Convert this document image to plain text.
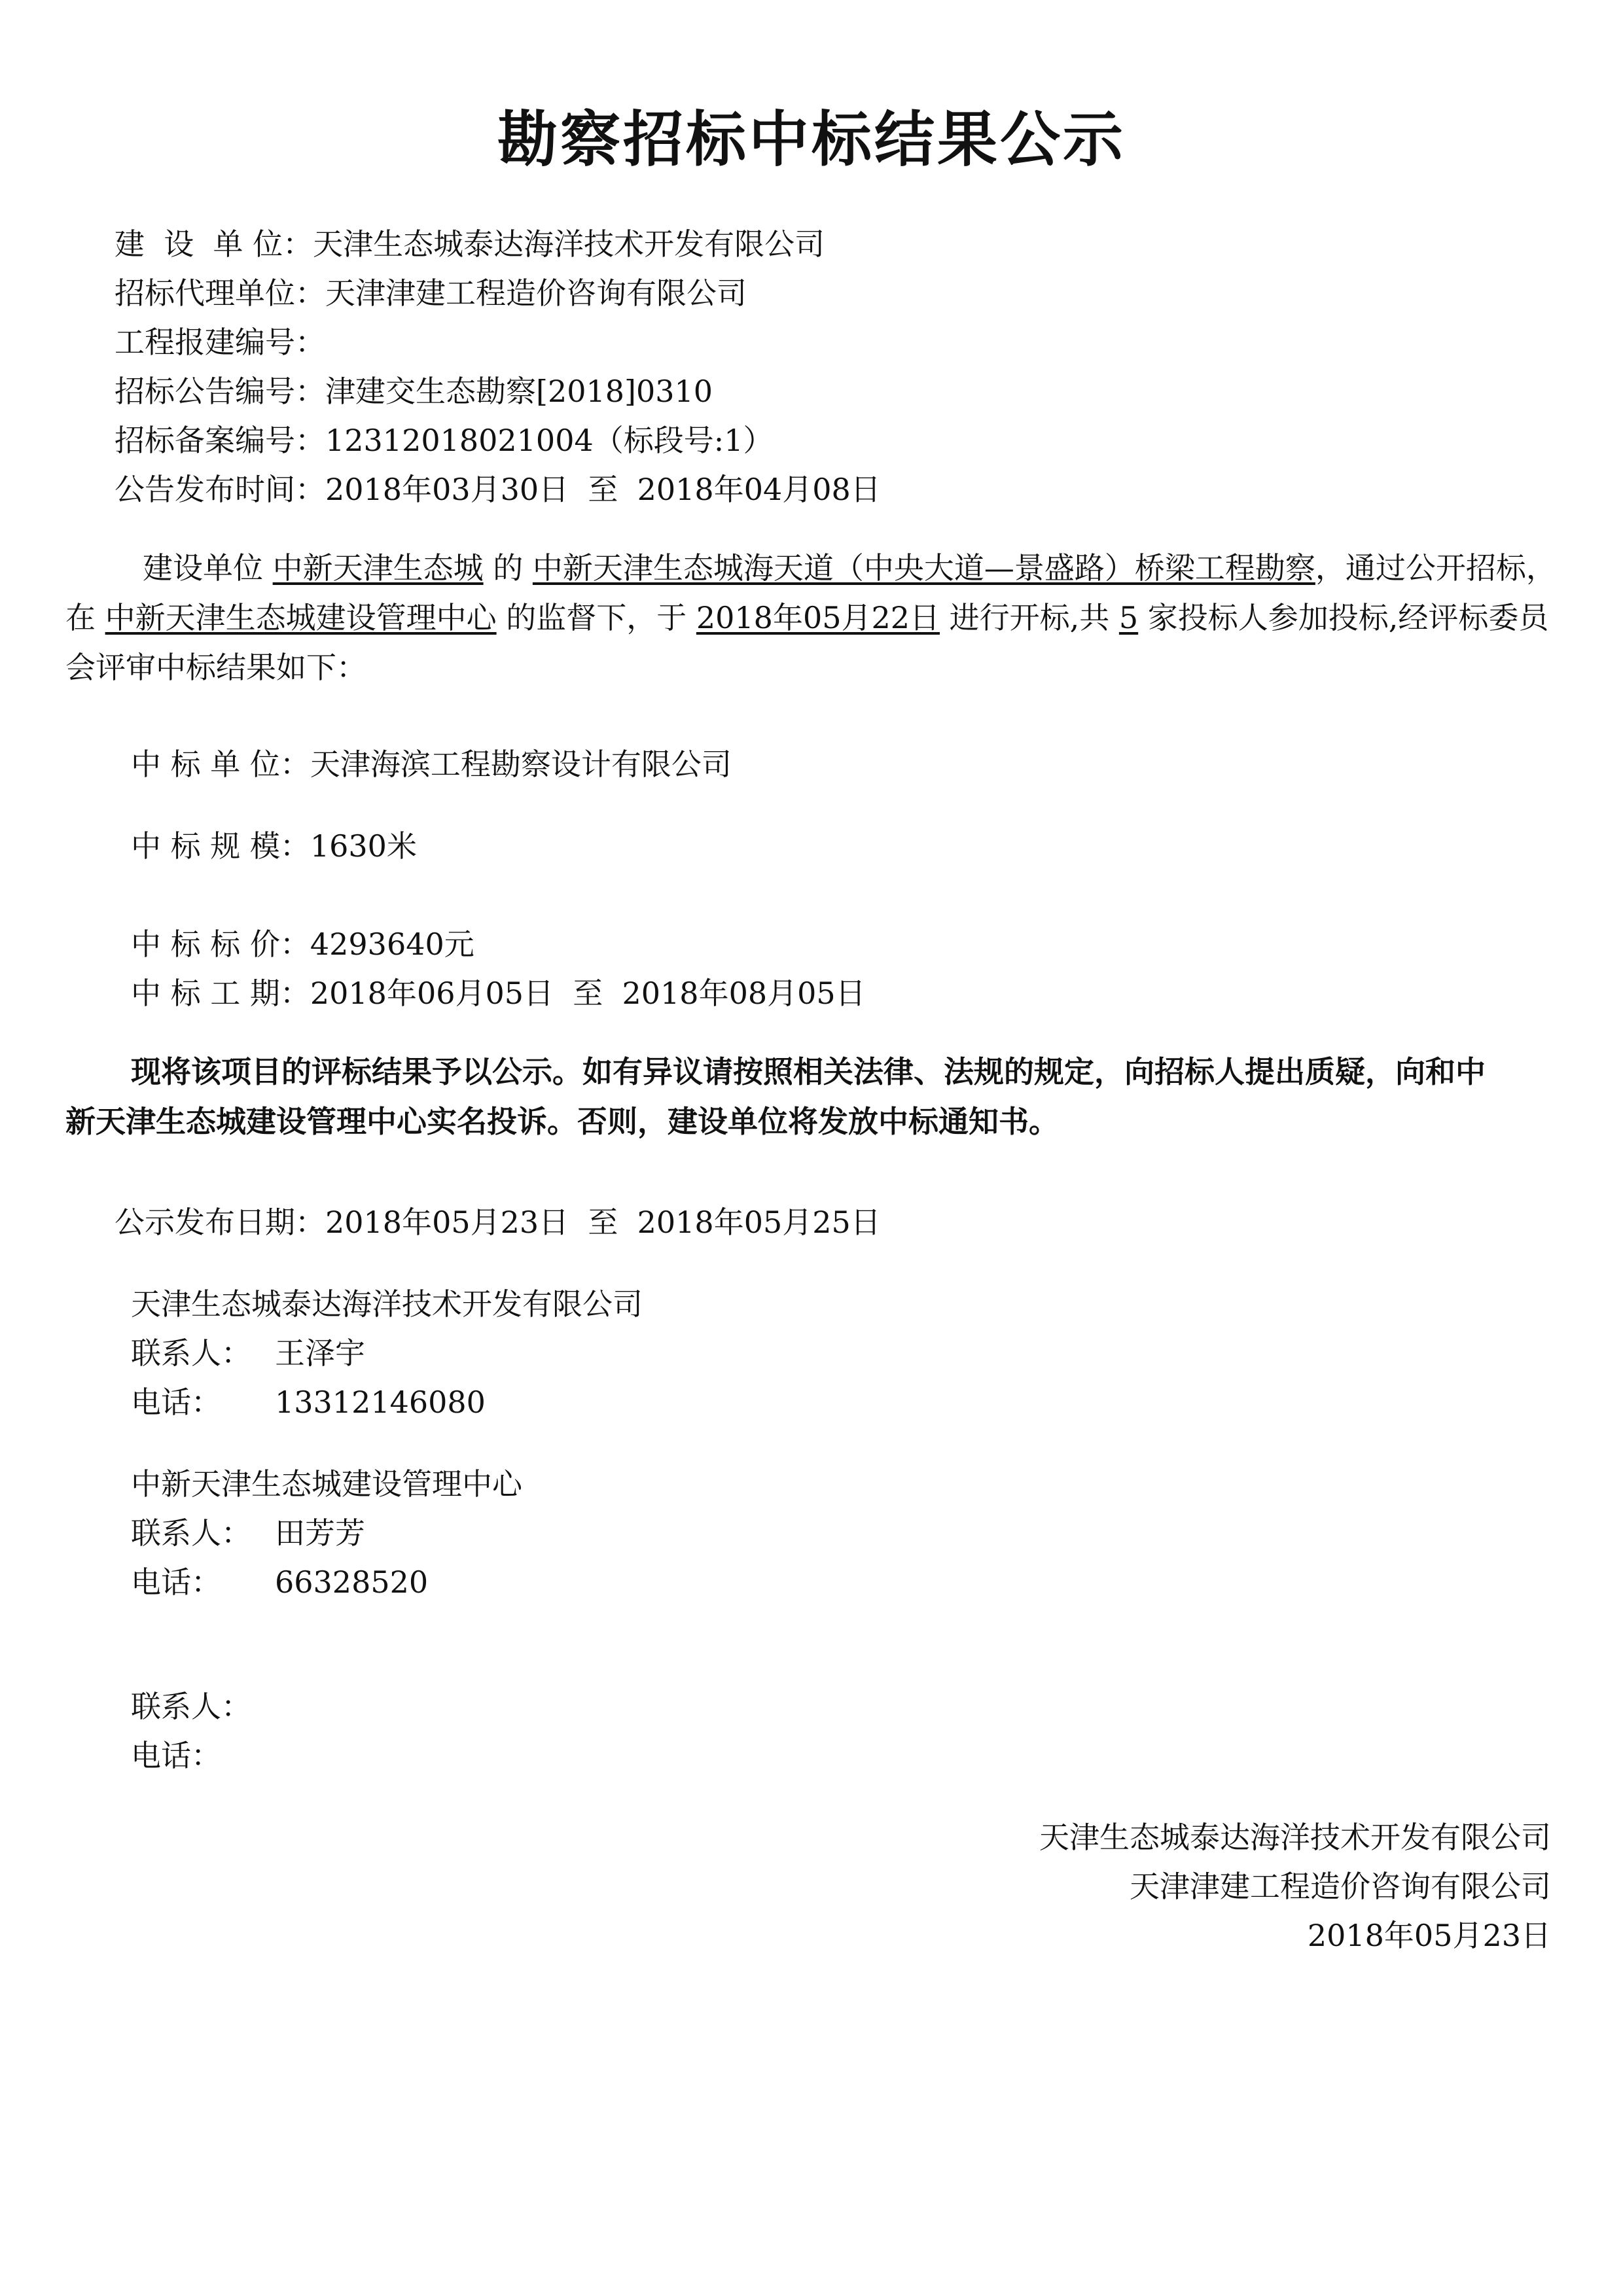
勘察招标中标结果公示
建  设  单 位：天津生态城泰达海洋技术开发有限公司
招标代理单位：天津津建工程造价咨询有限公司
工程报建编号：
招标公告编号：津建交生态勘察[2018]0310
招标备案编号：12312018021004（标段号:1）
公告发布时间：2018年03月30日  至  2018年04月08日
建设单位 中新天津生态城 的 中新天津生态城海天道（中央大道—景盛路）桥梁工程勘察，通过公开招标，在 中新天津生态城建设管理中心 的监督下，于 2018年05月22日 进行开标,共 5 家投标人参加投标,经评标委员会评审中标结果如下：
中 标 单 位：天津海滨工程勘察设计有限公司
中 标 规 模：1630米
中 标 标 价：4293640元
中 标 工 期：2018年06月05日  至  2018年08月05日
现将该项目的评标结果予以公示。如有异议请按照相关法律、法规的规定，向招标人提出质疑，向和中新天津生态城建设管理中心实名投诉。否则，建设单位将发放中标通知书。
公示发布日期：2018年05月23日  至  2018年05月25日
天津生态城泰达海洋技术开发有限公司
联系人： 王泽宇
电话： 13312146080
中新天津生态城建设管理中心
联系人： 田芳芳
电话： 66328520
联系人：
电话：
天津生态城泰达海洋技术开发有限公司
天津津建工程造价咨询有限公司
2018年05月23日
